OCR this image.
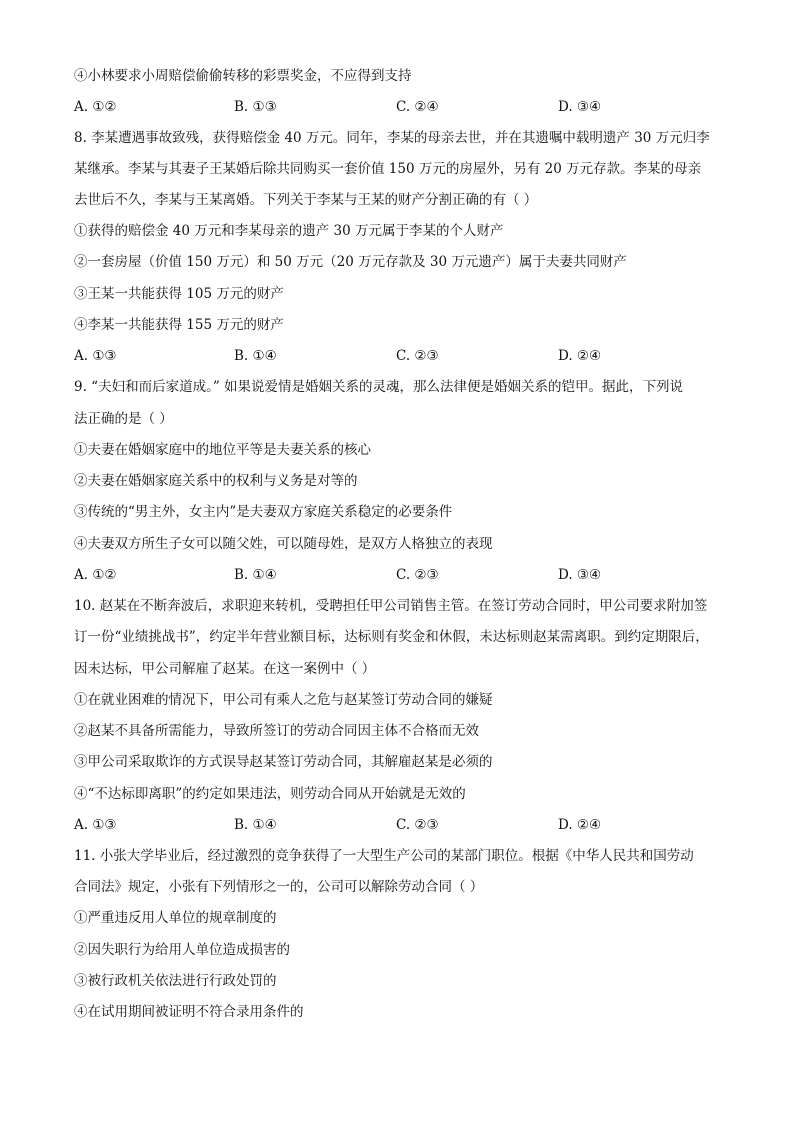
④小林要求小周赔偿偷偷转移的彩票奖金，不应得到支持
A. ①②	B. ①③	C. ②④	D. ③④
8. 李某遭遇事故致残，获得赔偿金 40 万元。同年，李某的母亲去世，并在其遗嘱中载明遗产 30 万元归李
某继承。李某与其妻子王某婚后除共同购买一套价值 150 万元的房屋外，另有 20 万元存款。李某的母亲
去世后不久，李某与王某离婚。下列关于李某与王某的财产分割正确的有（ ）
①获得的赔偿金 40 万元和李某母亲的遗产 30 万元属于李某的个人财产
②一套房屋（价值 150 万元）和 50 万元（20 万元存款及 30 万元遗产）属于夫妻共同财产
③王某一共能获得 105 万元的财产
④李某一共能获得 155 万元的财产
A. ①③	B. ①④	C. ②③	D. ②④
9. “夫妇和而后家道成。” 如果说爱情是婚姻关系的灵魂，那么法律便是婚姻关系的铠甲。据此，下列说
法正确的是（ ）
①夫妻在婚姻家庭中的地位平等是夫妻关系的核心
②夫妻在婚姻家庭关系中的权利与义务是对等的
③传统的“男主外，女主内”是夫妻双方家庭关系稳定的必要条件
④夫妻双方所生子女可以随父姓，可以随母姓，是双方人格独立的表现
A. ①②	B. ①④	C. ②③	D. ③④
10. 赵某在不断奔波后，求职迎来转机，受聘担任甲公司销售主管。在签订劳动合同时，甲公司要求附加签
订一份“业绩挑战书”，约定半年营业额目标，达标则有奖金和休假，未达标则赵某需离职。到约定期限后，
因未达标，甲公司解雇了赵某。在这一案例中（ ）
①在就业困难的情况下，甲公司有乘人之危与赵某签订劳动合同的嫌疑
②赵某不具备所需能力，导致所签订的劳动合同因主体不合格而无效
③甲公司采取欺诈的方式误导赵某签订劳动合同，其解雇赵某是必须的
④“不达标即离职”的约定如果违法，则劳动合同从开始就是无效的
A. ①③	B. ①④	C. ②③	D. ②④
11. 小张大学毕业后，经过激烈的竞争获得了一大型生产公司的某部门职位。根据《中华人民共和国劳动
合同法》规定，小张有下列情形之一的，公司可以解除劳动合同（ ）
①严重违反用人单位的规章制度的
②因失职行为给用人单位造成损害的
③被行政机关依法进行行政处罚的
④在试用期间被证明不符合录用条件的
